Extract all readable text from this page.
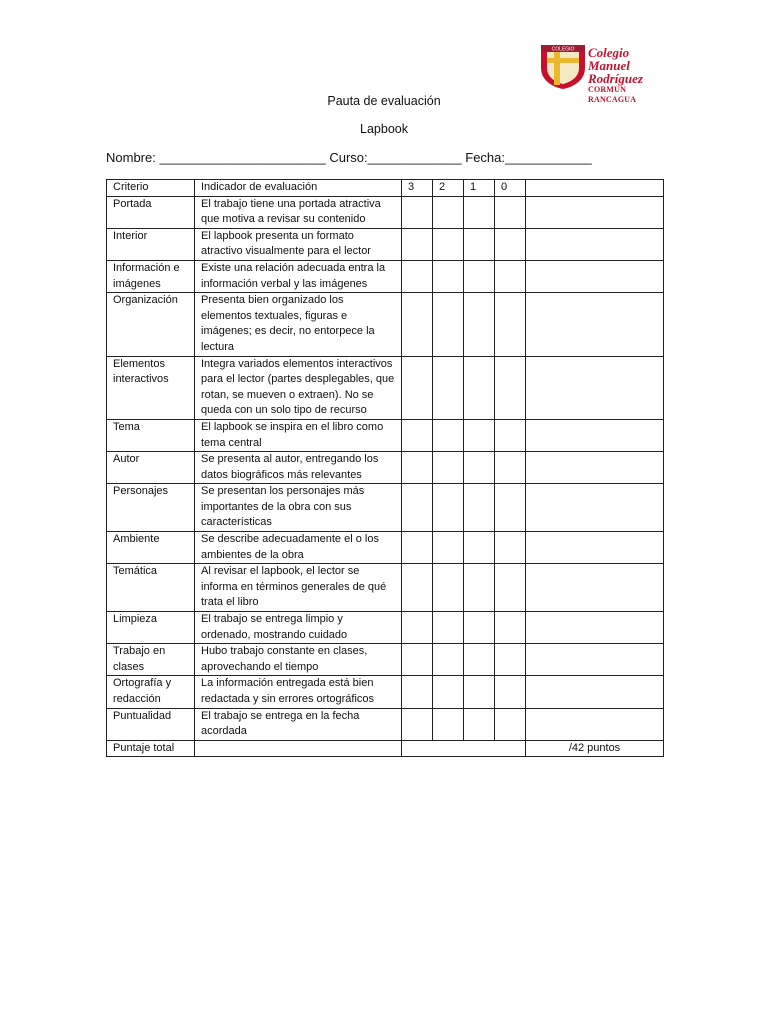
COLEGIO Colegio Manuel
Rodríguez
CORMUN RANCAGUA
Pauta de evaluación
Lapbook
Nombre: _______________________ Curso:_____________ Fecha:____________
Criterio	Indicador de evaluación	3	2	1	0	
Portada	El trabajo tiene una portada atractiva que motiva a revisar su contenido					
Interior	El lapbook presenta un formato atractivo visualmente para el lector					
Información e imágenes	Existe una relación adecuada entra la información verbal y las imágenes					
Organización	Presenta bien organizado los elementos textuales, figuras e imágenes; es decir, no entorpece la lectura					
Elementos interactivos	Integra variados elementos interactivos para el lector (partes desplegables, que rotan, se mueven o extraen). No se queda con un solo tipo de recurso					
Tema	El lapbook se inspira en el libro como tema central					
Autor	Se presenta al autor, entregando los datos biográficos más relevantes					
Personajes	Se presentan los personajes más importantes de la obra con sus características					
Ambiente	Se describe adecuadamente el o los ambientes de la obra					
Temática	Al revisar el lapbook, el lector se informa en términos generales de qué trata el libro					
Limpieza	El trabajo se entrega limpio y ordenado, mostrando cuidado					
Trabajo en clases	Hubo trabajo constante en clases, aprovechando el tiempo					
Ortografía y redacción	La información entregada está bien redactada y sin errores ortográficos					
Puntualidad	El trabajo se entrega en la fecha acordada					
Puntaje total						/42 puntos
